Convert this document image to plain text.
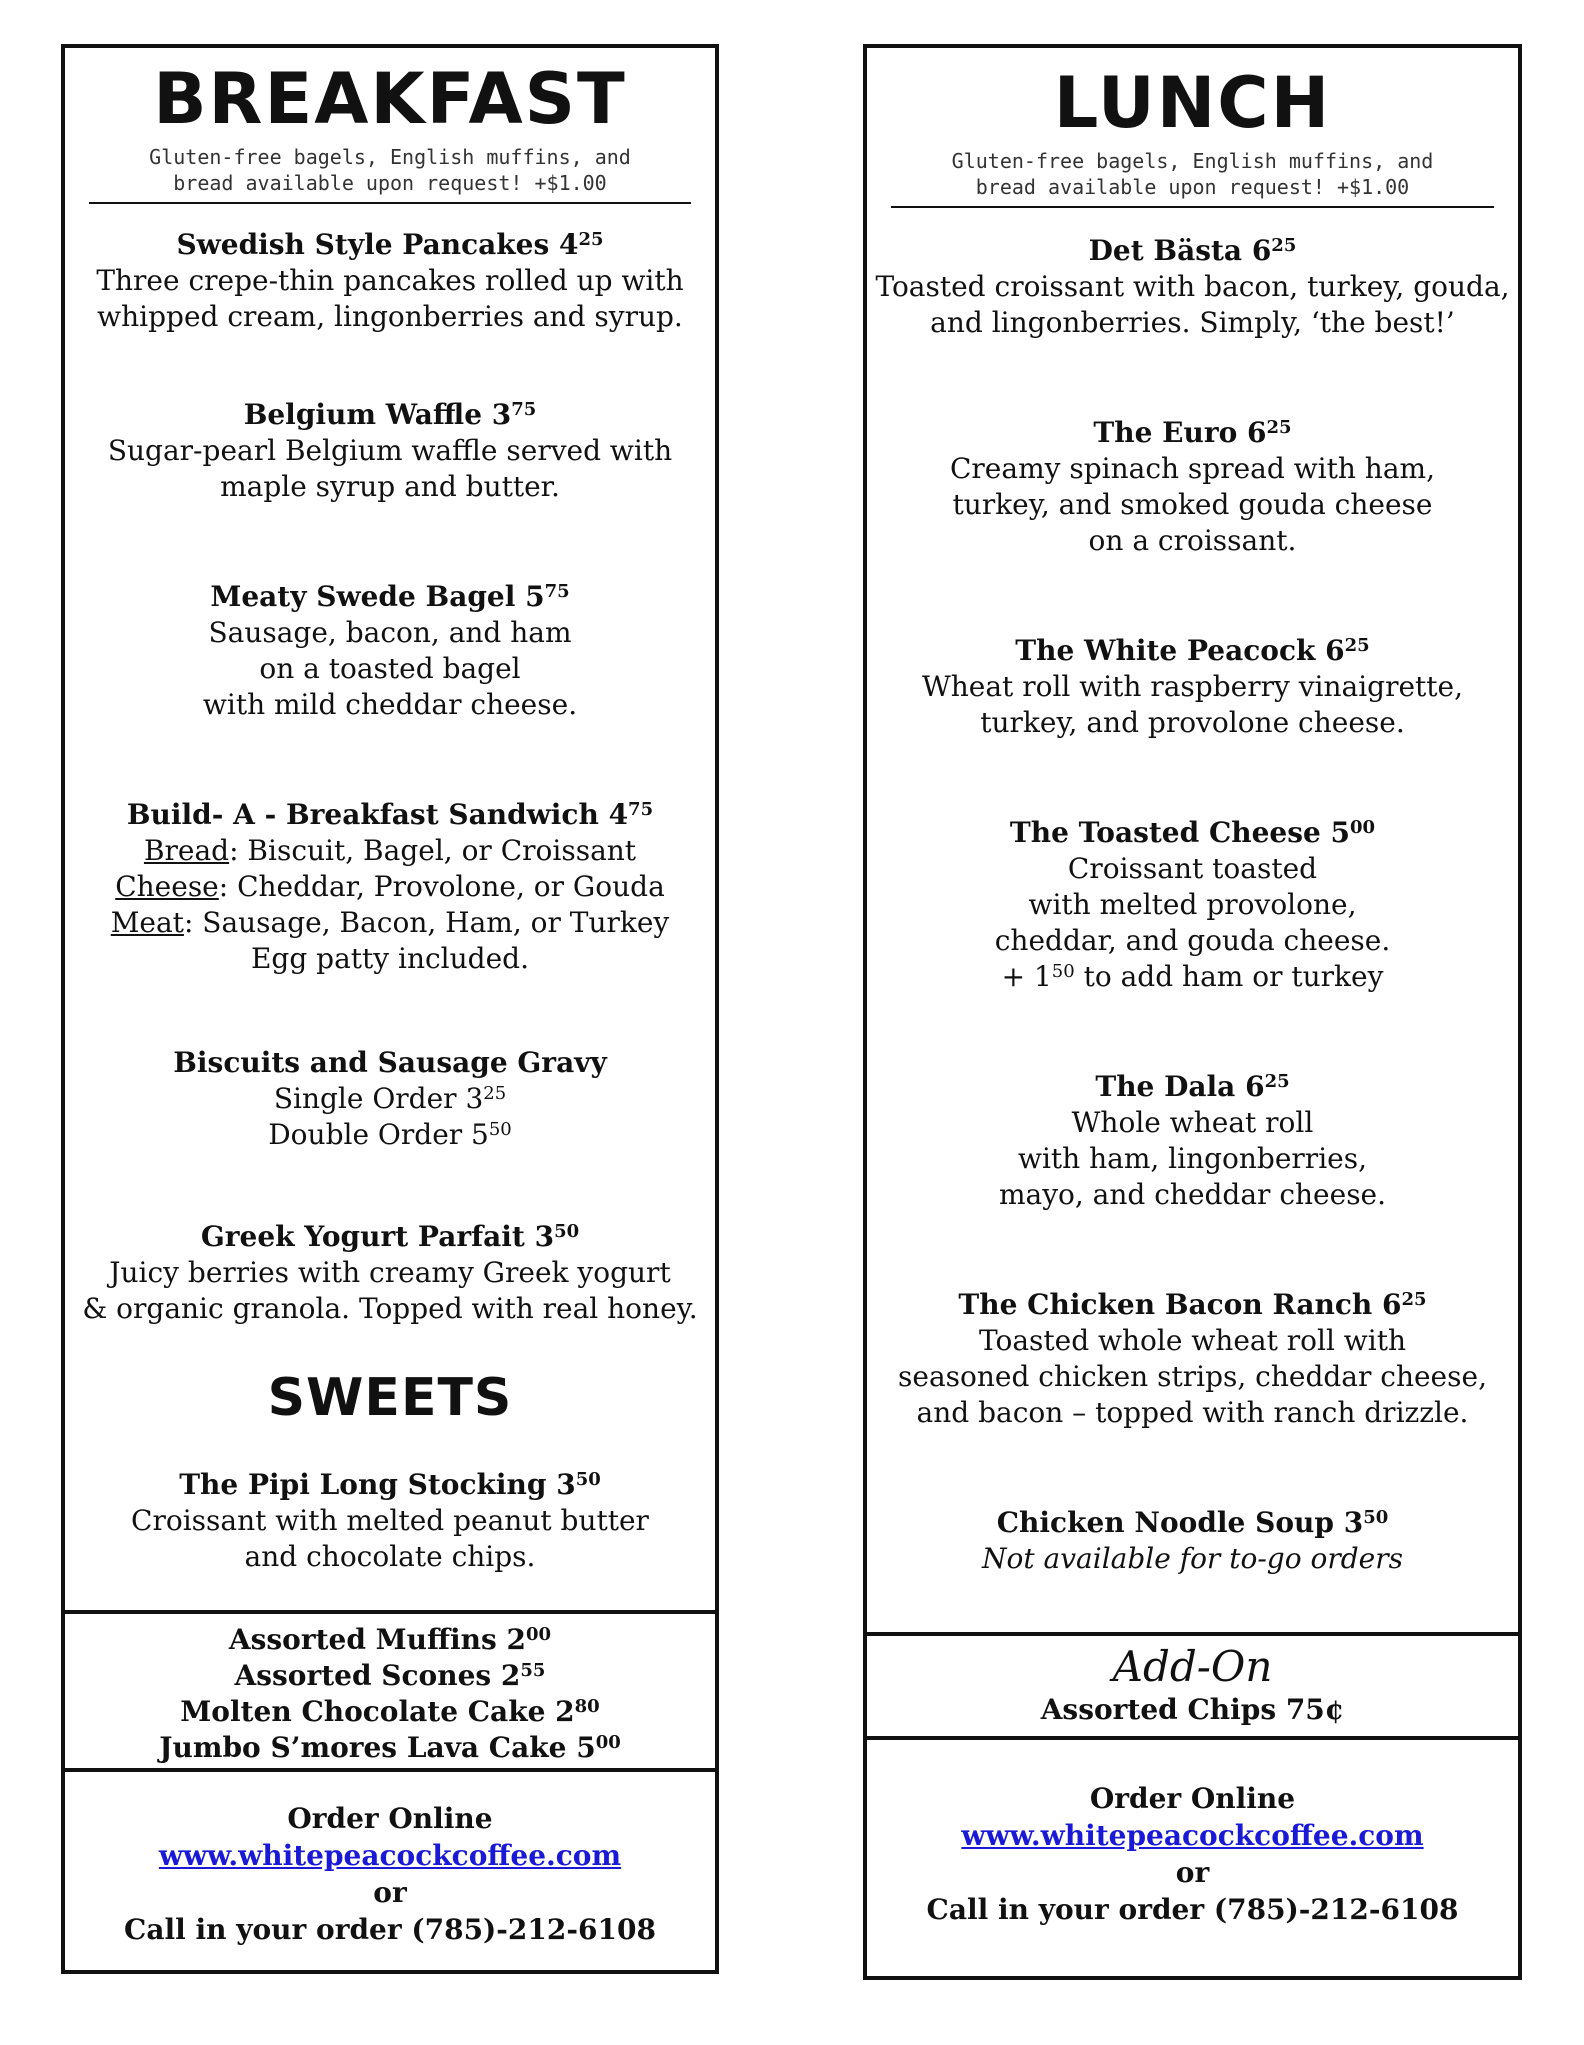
BREAKFAST

Gluten-free bagels, English muffins, and

bread available upon request! +$1.00

Swedish Style Pancakes $4^{25}$
Three crepe-thin pancakes rolled up with
whipped cream, lingonberries and syrup.
Belgium Waffle $3^{75}$
Sugar-pearl Belgium waffle served with
maple syrup and butter.
Meaty Swede Bagel $5^{75}$
Sausage, bacon, and ham
on a toasted bagel
with mild cheddar cheese.
Build- A - Breakfast Sandwich $4^{75}$
Bread: Biscuit, Bagel, or Croissant
Cheese: Cheddar, Provolone, or Gouda
Meat: Sausage, Bacon, Ham, or Turkey
Egg patty included.
Biscuits and Sausage Gravy
Single Order $3^{25}$
Double Order $5^{50}$
Greek Yogurt Parfait $3^{50}$
Juicy berries with creamy Greek yogurt
& organic granola. Topped with real honey.
SWEETS
The Pipi Long Stocking $3^{50}$
Croissant with melted peanut butter
and chocolate chips.
Assorted Muffins $2^{00}$
Assorted Scones $2^{55}$
Molten Chocolate Cake $2^{80}$
Jumbo S’mores Lava Cake $5^{00}$
Order Online
www.whitepeacockcoffee.com
or
Call in your order (785)-212-6108
LUNCH

Gluten-free bagels, English muffins, and

bread available upon request! +$1.00

Det Bästa $6^{25}$
Toasted croissant with bacon, turkey, gouda,
and lingonberries. Simply, ‘the best!’
The Euro $6^{25}$
Creamy spinach spread with ham,
turkey, and smoked gouda cheese
on a croissant.
The White Peacock $6^{25}$
Wheat roll with raspberry vinaigrette,
turkey, and provolone cheese.
The Toasted Cheese $5^{00}$
Croissant toasted
with melted provolone,
cheddar, and gouda cheese.
+ $1^{50}$ to add ham or turkey
The Dala $6^{25}$
Whole wheat roll
with ham, lingonberries,
mayo, and cheddar cheese.
The Chicken Bacon Ranch $6^{25}$
Toasted whole wheat roll with
seasoned chicken strips, cheddar cheese,
and bacon – topped with ranch drizzle.
Chicken Noodle Soup $3^{50}$
Not available for to-go orders
Add-On
Assorted Chips 75¢
Order Online
www.whitepeacockcoffee.com
or
Call in your order (785)-212-6108
